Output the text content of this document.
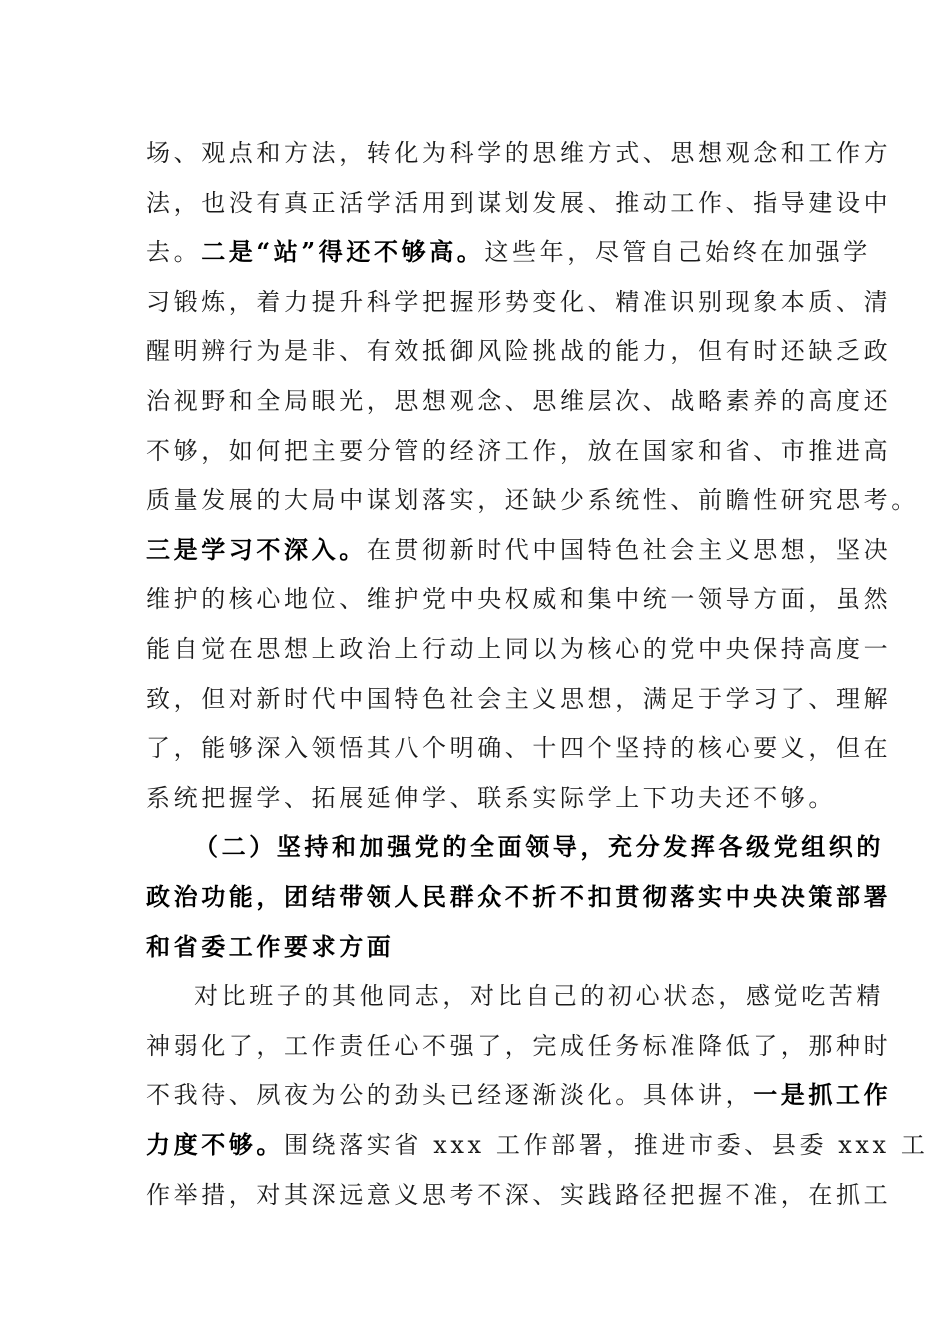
场、观点和方法，转化为科学的思维方式、思想观念和工作方
法，也没有真正活学活用到谋划发展、推动工作、指导建设中
去。二是“站”得还不够高。这些年，尽管自己始终在加强学
习锻炼，着力提升科学把握形势变化、精准识别现象本质、清
醒明辨行为是非、有效抵御风险挑战的能力，但有时还缺乏政
治视野和全局眼光，思想观念、思维层次、战略素养的高度还
不够，如何把主要分管的经济工作，放在国家和省、市推进高
质量发展的大局中谋划落实，还缺少系统性、前瞻性研究思考。
三是学习不深入。在贯彻新时代中国特色社会主义思想，坚决
维护的核心地位、维护党中央权威和集中统一领导方面，虽然
能自觉在思想上政治上行动上同以为核心的党中央保持高度一
致，但对新时代中国特色社会主义思想，满足于学习了、理解
了，能够深入领悟其八个明确、十四个坚持的核心要义，但在
系统把握学、拓展延伸学、联系实际学上下功夫还不够。
（二）坚持和加强党的全面领导，充分发挥各级党组织的
政治功能，团结带领人民群众不折不扣贯彻落实中央决策部署
和省委工作要求方面
对比班子的其他同志，对比自己的初心状态，感觉吃苦精
神弱化了，工作责任心不强了，完成任务标准降低了，那种时
不我待、夙夜为公的劲头已经逐渐淡化。具体讲，一是抓工作
力度不够。围绕落实省 xxx 工作部署，推进市委、县委 xxx 工
作举措，对其深远意义思考不深、实践路径把握不准，在抓工
